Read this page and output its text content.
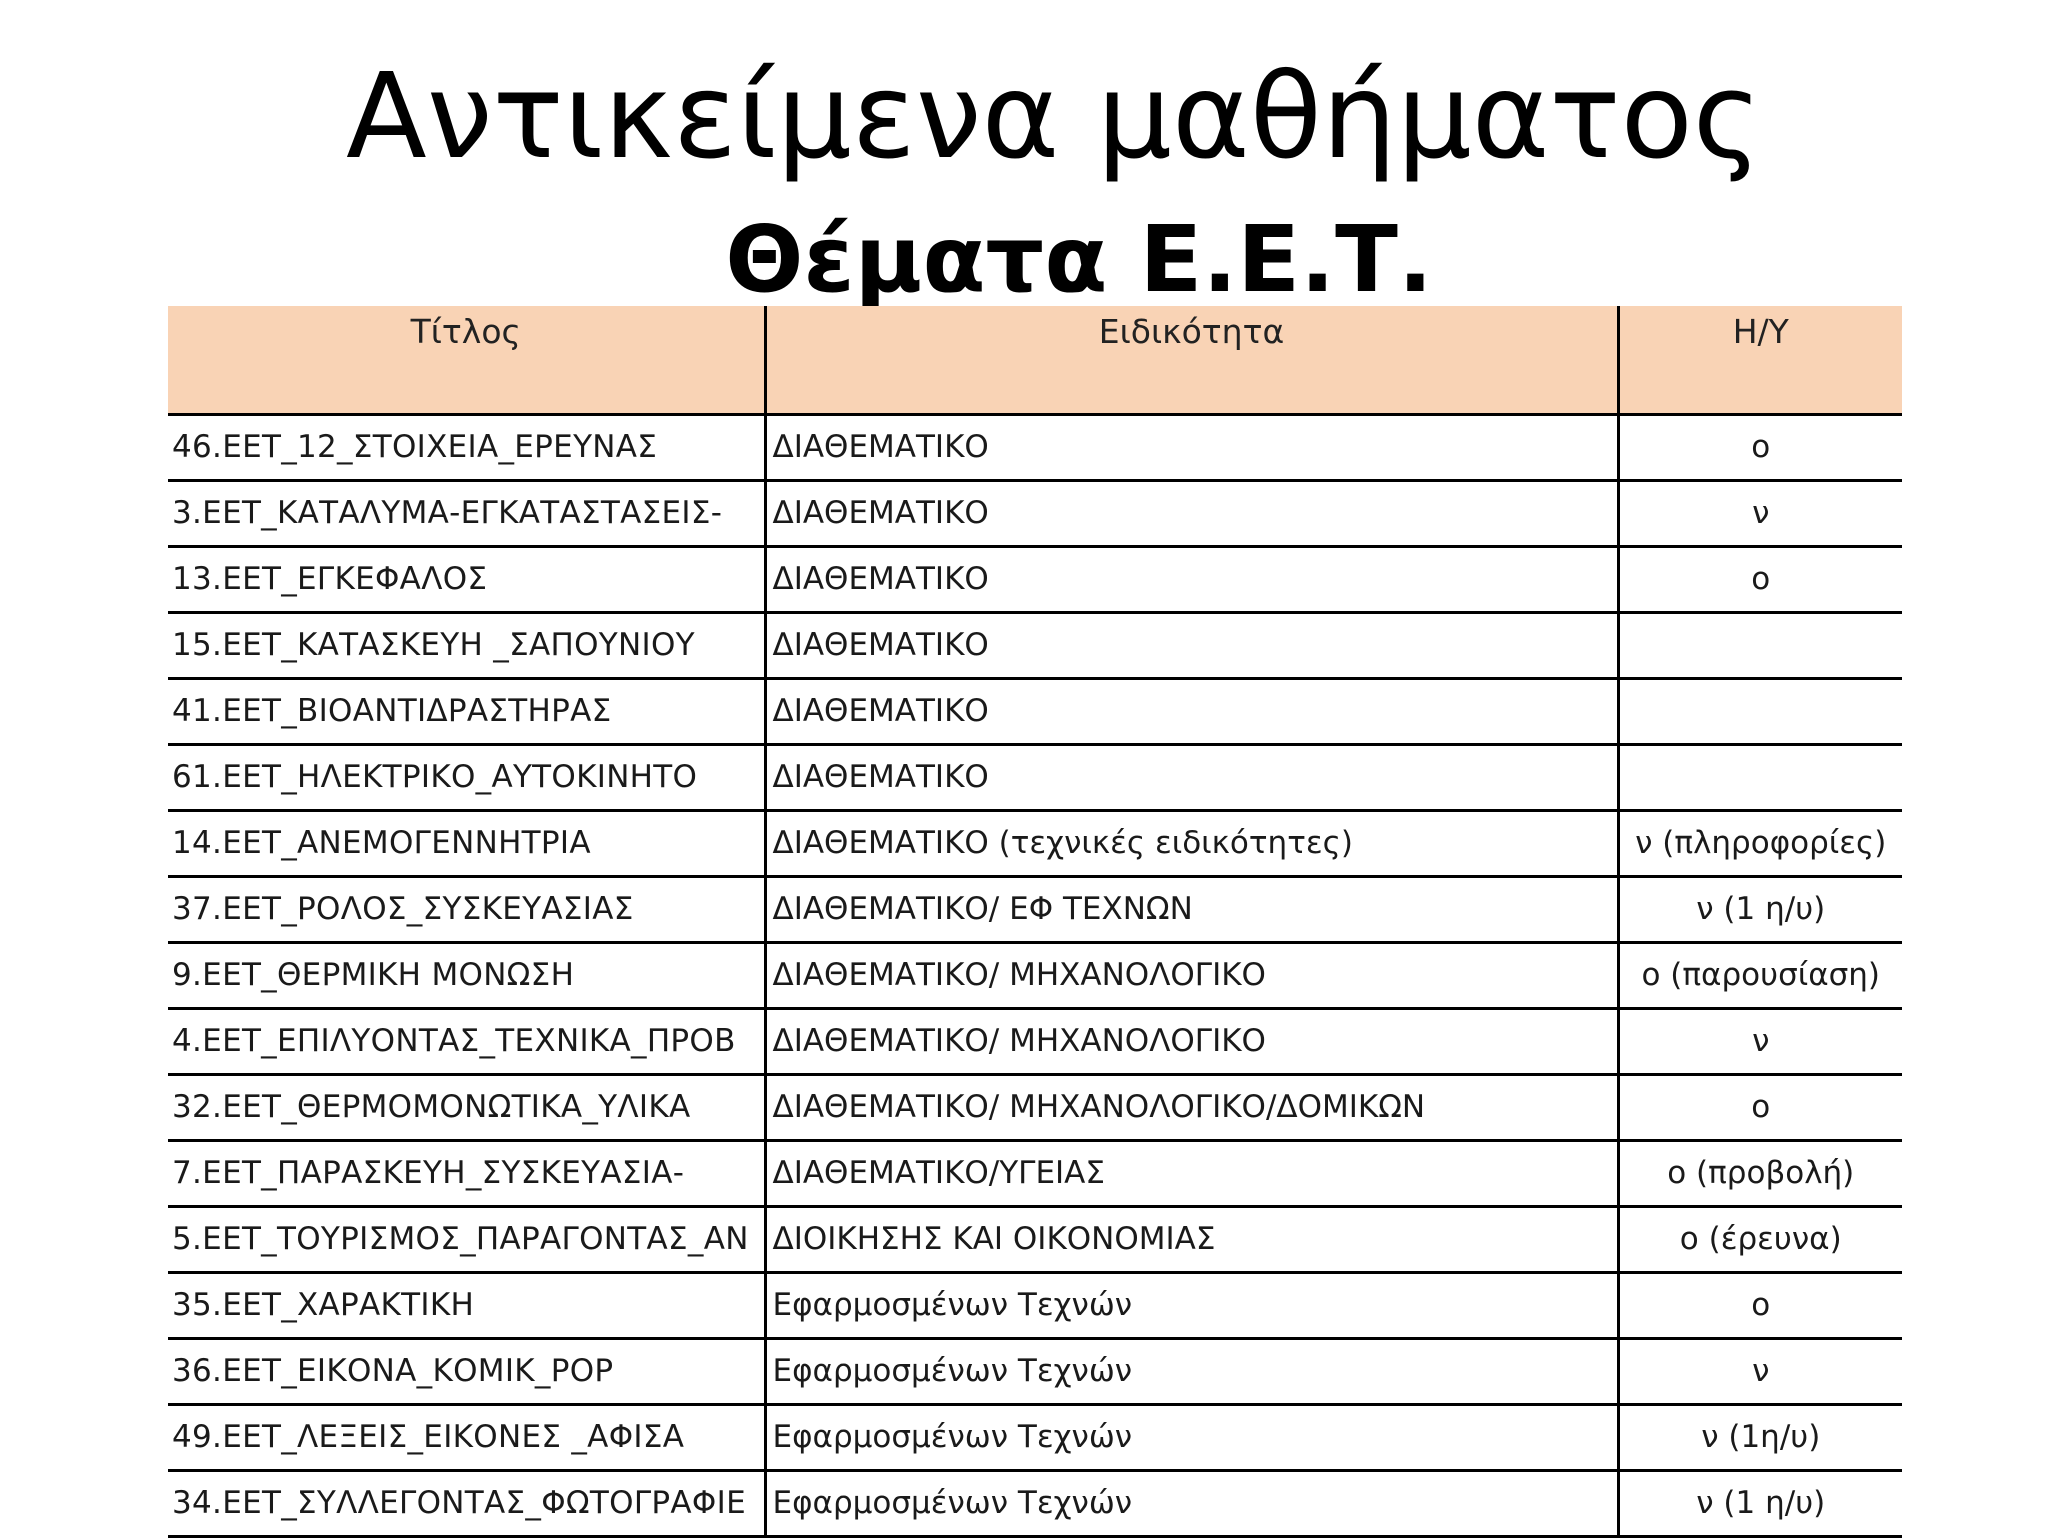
Αντικείμενα μαθήματος
Θέματα Ε.Ε.Τ.
Τίτλος	Ειδικότητα	Η/Υ
46.ΕΕΤ_12_ΣΤΟΙΧΕΙΑ_ΕΡΕΥΝΑΣ	ΔΙΑΘΕΜΑΤΙΚΟ	ο
3.ΕΕΤ_ΚΑΤΑΛΥΜΑ-ΕΓΚΑΤΑΣΤΑΣΕΙΣ-	ΔΙΑΘΕΜΑΤΙΚΟ	ν
13.ΕΕΤ_ΕΓΚΕΦΑΛΟΣ	ΔΙΑΘΕΜΑΤΙΚΟ	ο
15.ΕΕΤ_ΚΑΤΑΣΚΕΥΗ _ΣΑΠΟΥΝΙΟΥ	ΔΙΑΘΕΜΑΤΙΚΟ	
41.ΕΕΤ_ΒΙΟΑΝΤΙΔΡΑΣΤΗΡΑΣ	ΔΙΑΘΕΜΑΤΙΚΟ	
61.ΕΕΤ_ΗΛΕΚΤΡΙΚΟ_ΑΥΤΟΚΙΝΗΤΟ	ΔΙΑΘΕΜΑΤΙΚΟ	
14.ΕΕΤ_ΑΝΕΜΟΓΕΝΝΗΤΡΙΑ	ΔΙΑΘΕΜΑΤΙΚΟ (τεχνικές ειδικότητες)	ν (πληροφορίες)
37.ΕΕΤ_ΡΟΛΟΣ_ΣΥΣΚΕΥΑΣΙΑΣ	ΔΙΑΘΕΜΑΤΙΚΟ/ ΕΦ ΤΕΧΝΩΝ	ν (1 η/υ)
9.ΕΕΤ_ΘΕΡΜΙΚΗ ΜΟΝΩΣΗ	ΔΙΑΘΕΜΑΤΙΚΟ/ ΜΗΧΑΝΟΛΟΓΙΚΟ	ο (παρουσίαση)
4.ΕΕΤ_ΕΠΙΛΥΟΝΤΑΣ_ΤΕΧΝΙΚΑ_ΠΡΟΒ	ΔΙΑΘΕΜΑΤΙΚΟ/ ΜΗΧΑΝΟΛΟΓΙΚΟ	ν
32.ΕΕΤ_ΘΕΡΜΟΜΟΝΩΤΙΚΑ_ΥΛΙΚΑ	ΔΙΑΘΕΜΑΤΙΚΟ/ ΜΗΧΑΝΟΛΟΓΙΚΟ/ΔΟΜΙΚΩΝ	ο
7.ΕΕΤ_ΠΑΡΑΣΚΕΥΗ_ΣΥΣΚΕΥΑΣΙΑ-	ΔΙΑΘΕΜΑΤΙΚΟ/ΥΓΕΙΑΣ	ο (προβολή)
5.ΕΕΤ_ΤΟΥΡΙΣΜΟΣ_ΠΑΡΑΓΟΝΤΑΣ_ΑΝ	ΔΙΟΙΚΗΣΗΣ ΚΑΙ ΟΙΚΟΝΟΜΙΑΣ	ο (έρευνα)
35.ΕΕΤ_ΧΑΡΑΚΤΙΚΗ	Εφαρμοσμένων Τεχνών	ο
36.ΕΕΤ_ΕΙΚΟΝΑ_ΚΟΜΙΚ_POP	Εφαρμοσμένων Τεχνών	ν
49.ΕΕΤ_ΛΕΞΕΙΣ_ΕΙΚΟΝΕΣ _ΑΦΙΣΑ	Εφαρμοσμένων Τεχνών	ν (1η/υ)
34.ΕΕΤ_ΣΥΛΛΕΓΟΝΤΑΣ_ΦΩΤΟΓΡΑΦΙΕ	Εφαρμοσμένων Τεχνών	ν (1 η/υ)
